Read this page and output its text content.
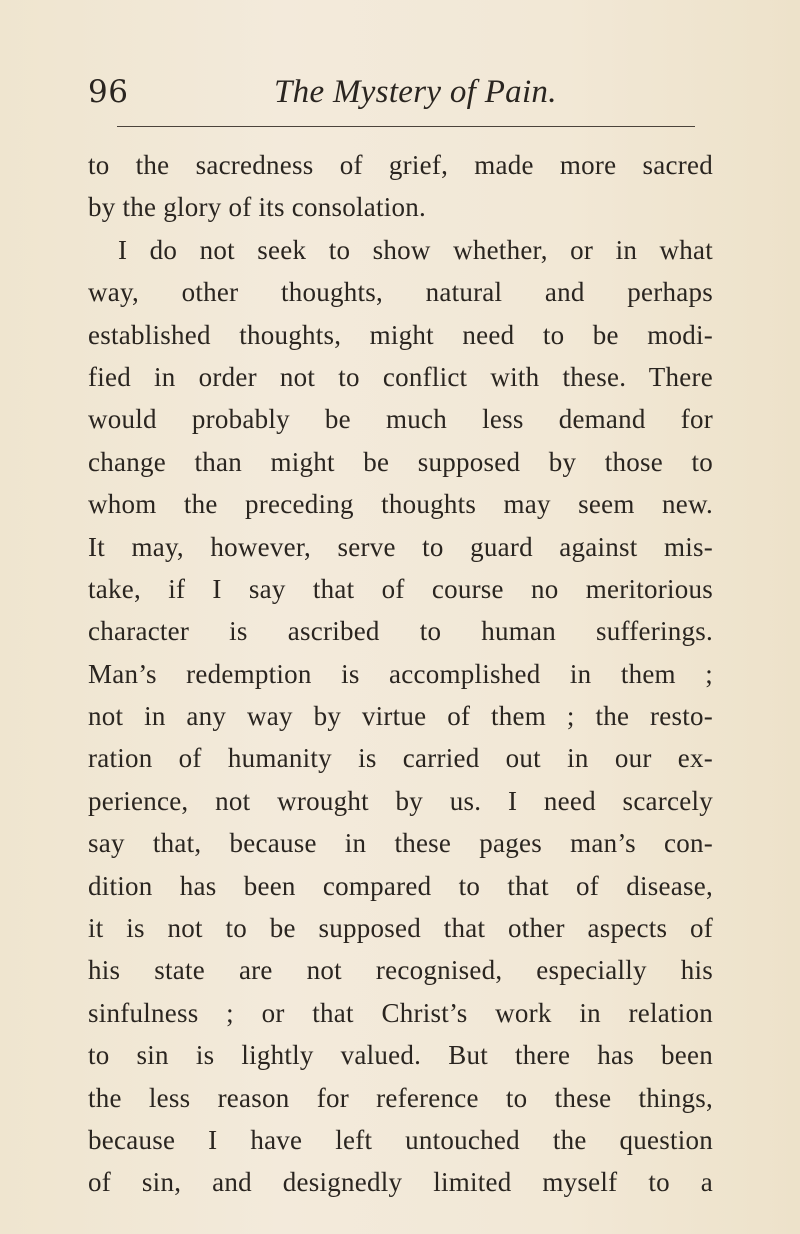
96	The Mystery of Pain.
to the sacredness of grief, made more sacred
by the glory of its consolation.
I do not seek to show whether, or in what
way, other thoughts, natural and perhaps
established thoughts, might need to be modi-
fied in order not to conflict with these. There
would probably be much less demand for
change than might be supposed by those to
whom the preceding thoughts may seem new.
It may, however, serve to guard against mis-
take, if I say that of course no meritorious
character is ascribed to human sufferings.
Man’s redemption is accomplished in them ;
not in any way by virtue of them ; the resto-
ration of humanity is carried out in our ex-
perience, not wrought by us. I need scarcely
say that, because in these pages man’s con-
dition has been compared to that of disease,
it is not to be supposed that other aspects of
his state are not recognised, especially his
sinfulness ; or that Christ’s work in relation
to sin is lightly valued. But there has been
the less reason for reference to these things,
because I have left untouched the question
of sin, and designedly limited myself to a
